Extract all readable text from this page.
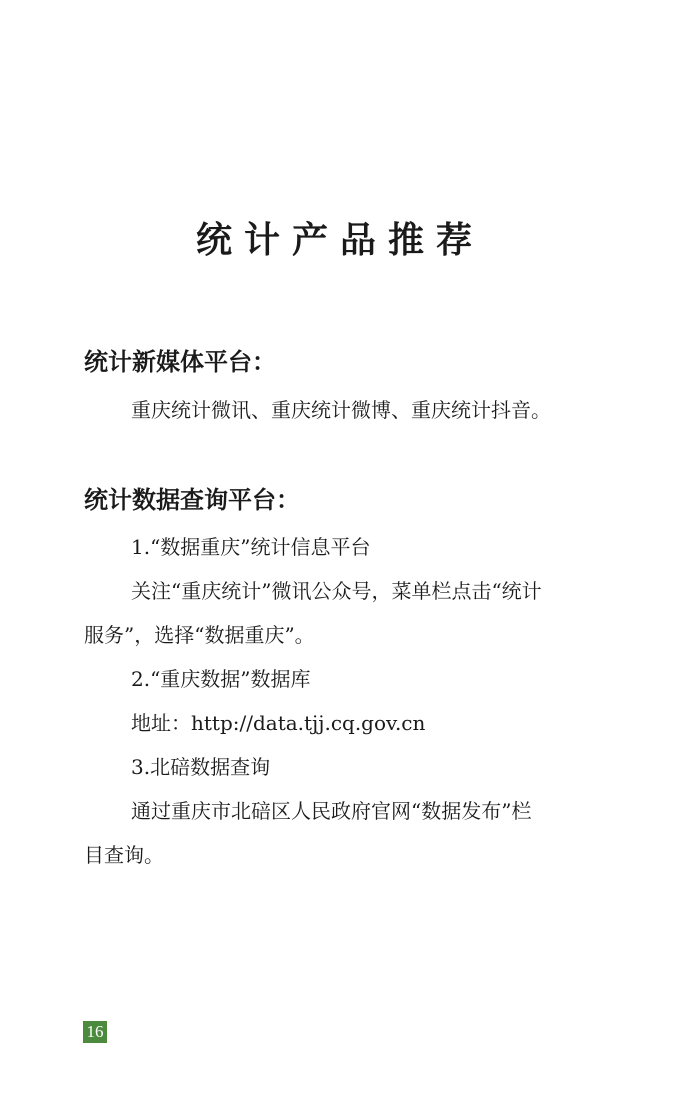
统计产品推荐
统计新媒体平台：

重庆统计微讯、重庆统计微博、重庆统计抖音。

统计数据查询平台：

1.“数据重庆”统计信息平台

关注“重庆统计”微讯公众号，菜单栏点击“统计

服务”，选择“数据重庆”。

2.“重庆数据”数据库

地址：http://data.tjj.cq.gov.cn

3.北碚数据查询

通过重庆市北碚区人民政府官网“数据发布”栏

目查询。

16
